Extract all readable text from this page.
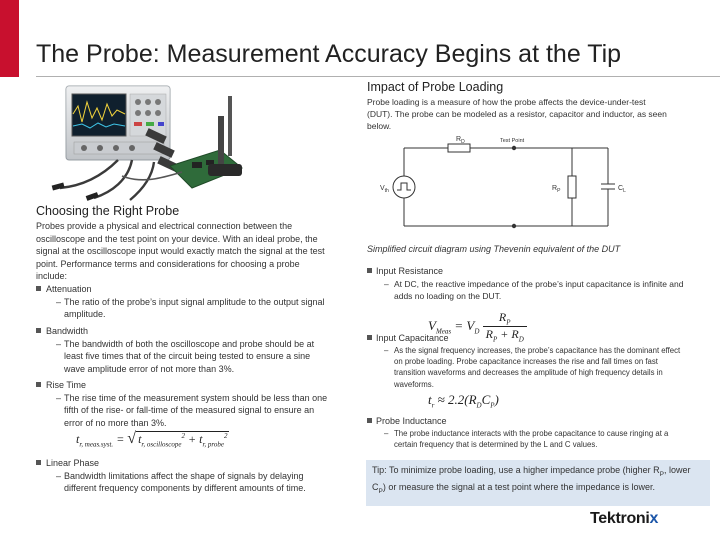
The Probe: Measurement Accuracy Begins at the Tip
Choosing the Right Probe
Probes provide a physical and electrical connection between the oscilloscope and the test point on your device. With an ideal probe, the signal at the oscilloscope input would exactly match the signal at the test point. Performance terms and considerations for choosing a probe include:
Attenuation
– The ratio of the probe’s input signal amplitude to the output signal amplitude.
Bandwidth
– The bandwidth of both the oscilloscope and probe should be at least five times that of the circuit being tested to ensure a sine wave amplitude error of not more than 3%.
Rise Time
– The rise time of the measurement system should be less than one fifth of the rise- or fall-time of the measured signal to ensure an error of no more than 3%.
$t_{r, meas.syst.}$ = √ $t_{r, oscilloscope}^2 + t_{r, probe}^2$
Linear Phase
– Bandwidth limitations affect the shape of signals by delaying different frequency components by different amounts of time.
Impact of Probe Loading
Probe loading is a measure of how the probe affects the device-under-test (DUT). The probe can be modeled as a resistor, capacitor and inductor, as seen below.
$R_D$	Test Point
$V_{th}$	$R_P$	$C_L$
Simplified circuit diagram using Thevenin equivalent of the DUT
Input Resistance
– At DC, the reactive impedance of the probe’s input capacitance is infinite and adds no loading on the DUT.
$V_{Meas} = V_D \frac{R_P}{R_P + R_D}$
Input Capacitance
– As the signal frequency increases, the probe’s capacitance has the dominant effect on probe loading. Probe capacitance increases the rise and fall times on fast transition waveforms and decreases the amplitude of high frequency details in waveforms.
$t_r \approx 2.2(R_DC_P)$
Probe Inductance
– The probe inductance interacts with the probe capacitance to cause ringing at a certain frequency that is determined by the L and C values.
Tip: To minimize probe loading, use a higher impedance probe (higher $R_P$, lower $C_P$) or measure the signal at a test point where the impedance is lower.
Tektronix
